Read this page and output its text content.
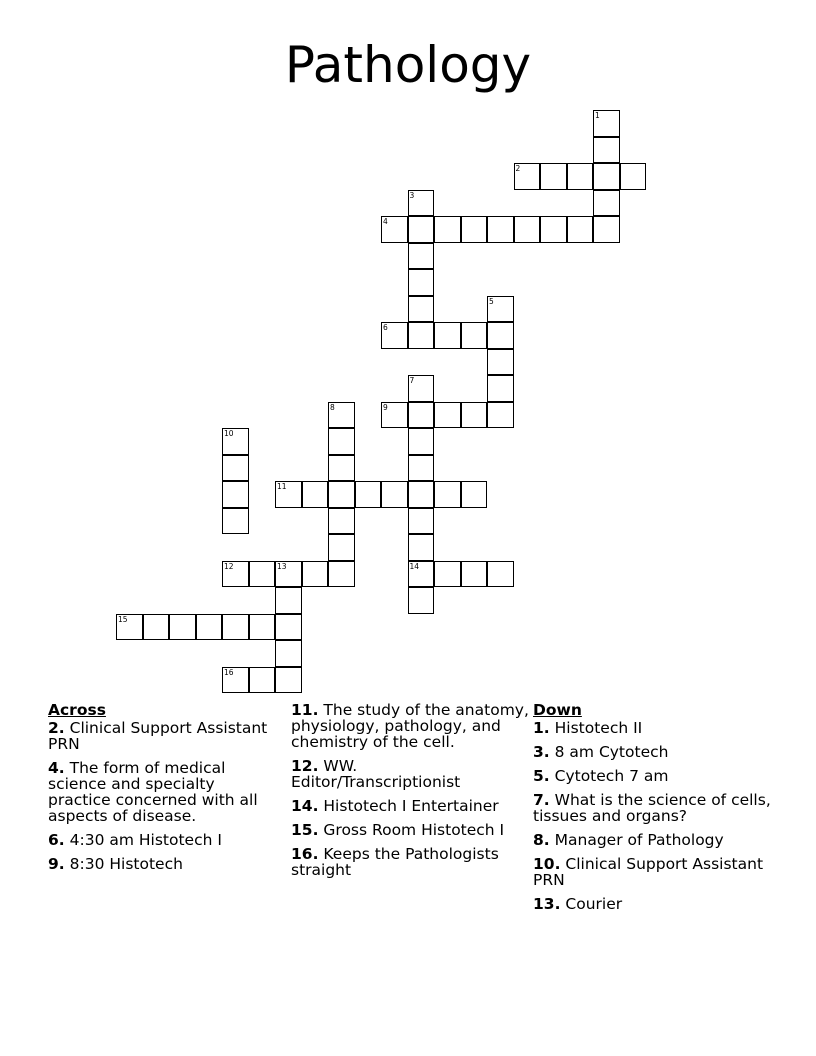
Pathology
1
2
3
4
5
6
7
14
8	9
10
11
12	13
15
16
Across
2. Clinical Support Assistant PRN
4. The form of medical science and specialty practice concerned with all aspects of disease.
6. 4:30 am Histotech I
9. 8:30 Histotech
11. The study of the anatomy, physiology, pathology, and chemistry of the cell.
12. WW. Editor/Transcriptionist
14. Histotech I Entertainer
15. Gross Room Histotech I
16. Keeps the Pathologists straight
Down
1. Histotech II
3. 8 am Cytotech
5. Cytotech 7 am
7. What is the science of cells, tissues and organs?
8. Manager of Pathology
10. Clinical Support Assistant PRN
13. Courier
